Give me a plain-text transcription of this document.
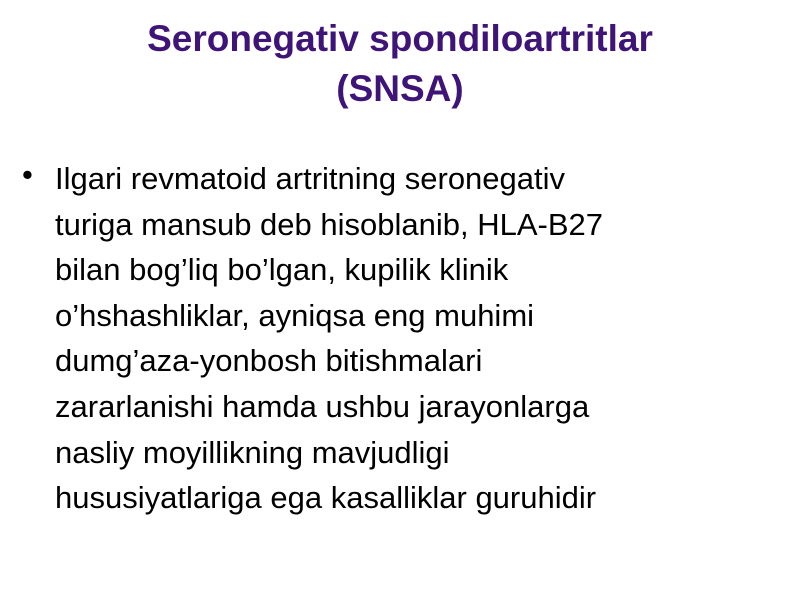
Seronegativ spondiloartritlar
(SNSA)
• Ilgari revmatoid artritning seronegativ
turiga mansub deb hisoblanib, HLA-B27
bilan bog’liq bo’lgan, kupilik klinik
o’hshashliklar, ayniqsa eng muhimi
dumg’aza-yonbosh bitishmalari
zararlanishi hamda ushbu jarayonlarga
nasliy moyillikning mavjudligi
hususiyatlariga ega kasalliklar guruhidir
